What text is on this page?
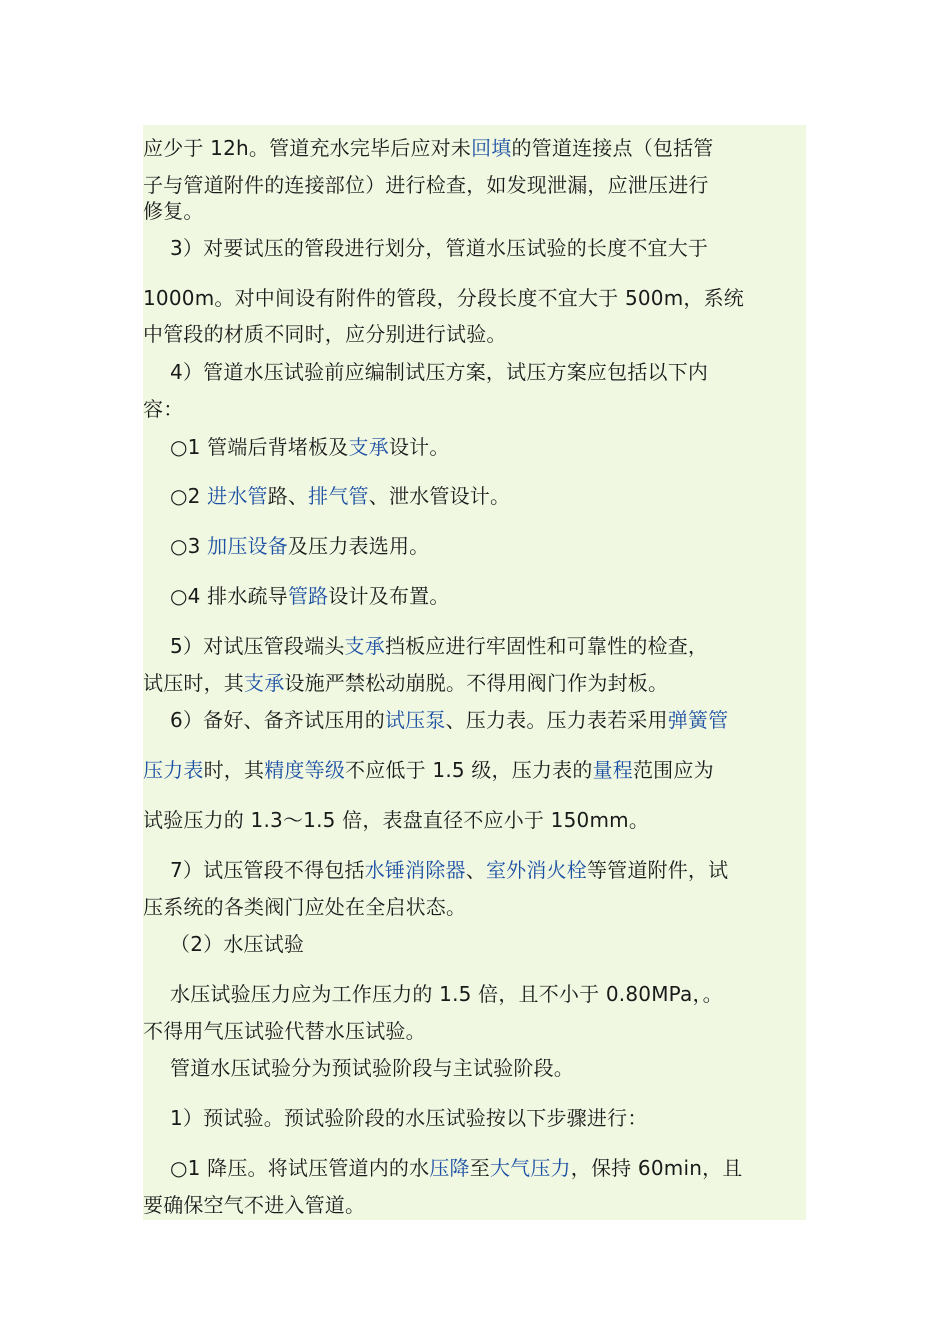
应少于 12h。管道充水完毕后应对未回填的管道连接点（包括管
子与管道附件的连接部位）进行检查，如发现泄漏，应泄压进行
修复。
3）对要试压的管段进行划分，管道水压试验的长度不宜大于
1000m。对中间设有附件的管段，分段长度不宜大于 500m，系统
中管段的材质不同时，应分别进行试验。
4）管道水压试验前应编制试压方案，试压方案应包括以下内
容：
○1 管端后背堵板及支承设计。
○2 进水管路、排气管、泄水管设计。
○3 加压设备及压力表选用。
○4 排水疏导管路设计及布置。
5）对试压管段端头支承挡板应进行牢固性和可靠性的检查，
试压时，其支承设施严禁松动崩脱。不得用阀门作为封板。
6）备好、备齐试压用的试压泵、压力表。压力表若采用弹簧管
压力表时，其精度等级不应低于 1.5 级，压力表的量程范围应为
试验压力的 1.3～1.5 倍，表盘直径不应小于 150mm。
7）试压管段不得包括水锤消除器、室外消火栓等管道附件，试
压系统的各类阀门应处在全启状态。
（2）水压试验
水压试验压力应为工作压力的 1.5 倍，且不小于 0.80MPa，。
不得用气压试验代替水压试验。
管道水压试验分为预试验阶段与主试验阶段。
1）预试验。预试验阶段的水压试验按以下步骤进行：
○1 降压。将试压管道内的水压降至大气压力，保持 60min，且
要确保空气不进入管道。
